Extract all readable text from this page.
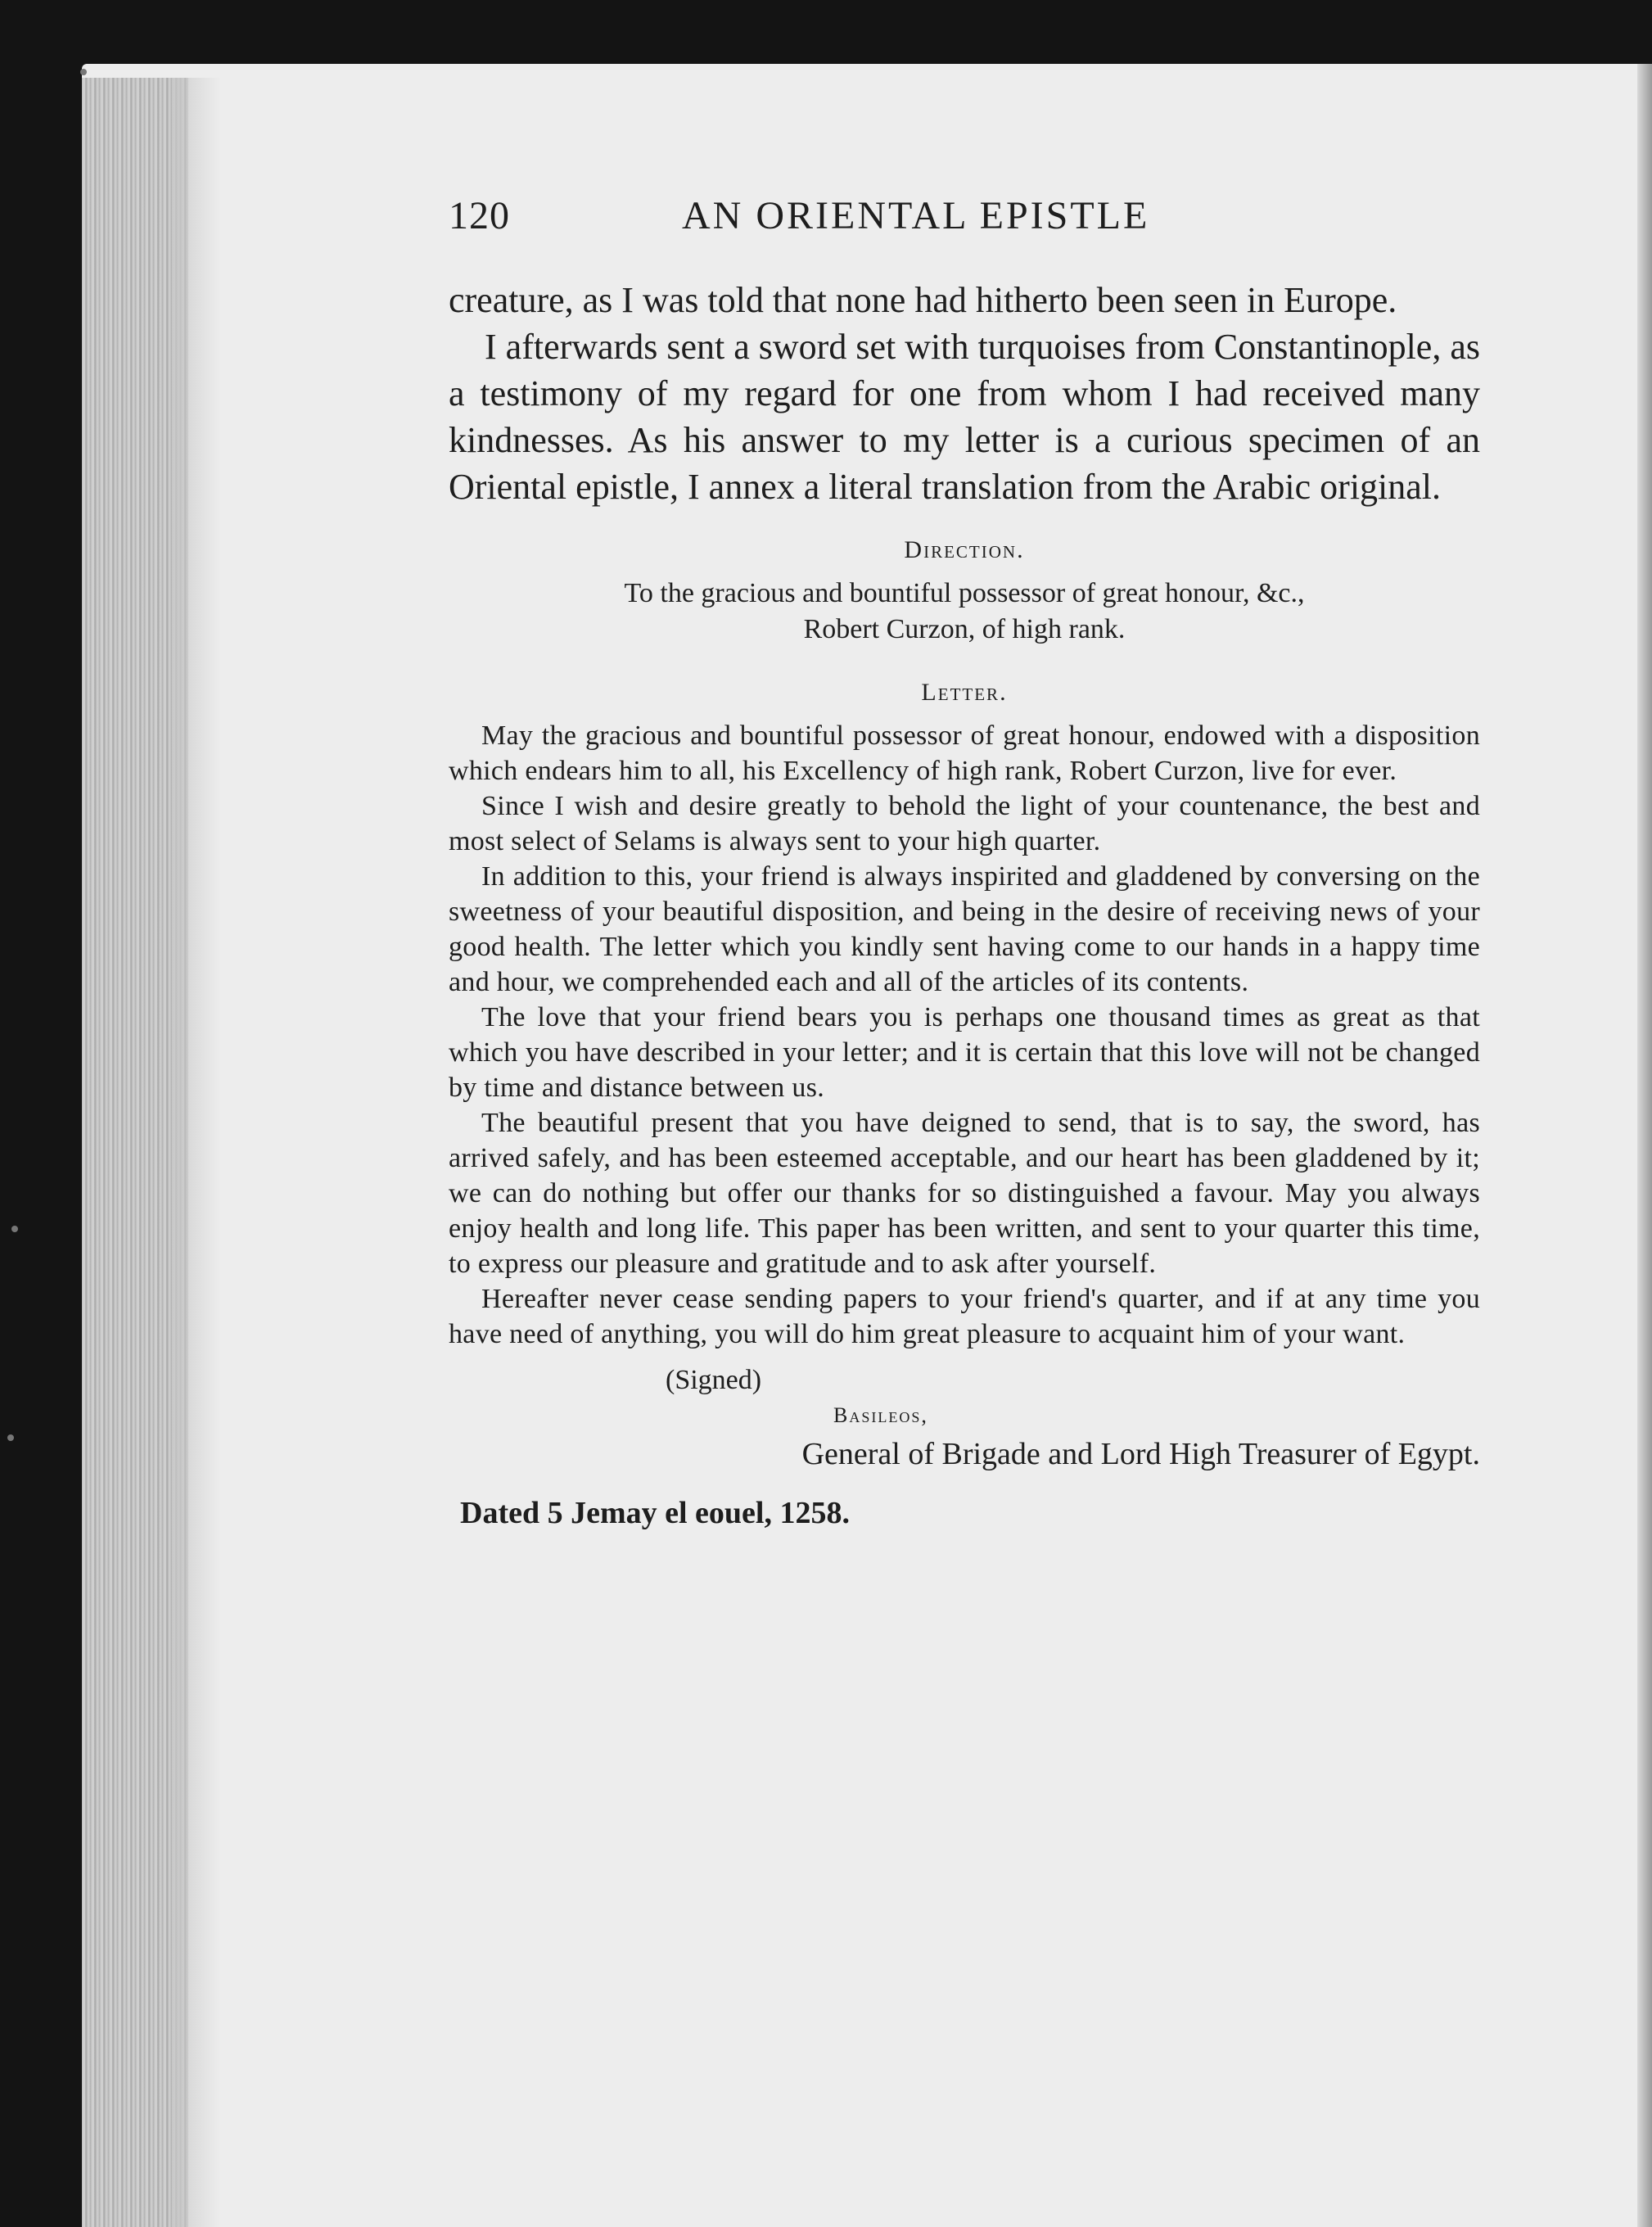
120	AN ORIENTAL EPISTLE

creature, as I was told that none had hitherto been seen in Europe.

I afterwards sent a sword set with turquoises from Constantinople, as a testimony of my regard for one from whom I had received many kindnesses. As his answer to my letter is a curious specimen of an Oriental epistle, I annex a literal translation from the Arabic original.

Direction.

To the gracious and bountiful possessor of great honour, &c.,

Robert Curzon, of high rank.

Letter.

May the gracious and bountiful possessor of great honour, endowed with a disposition which endears him to all, his Excellency of high rank, Robert Curzon, live for ever.

Since I wish and desire greatly to behold the light of your countenance, the best and most select of Selams is always sent to your high quarter.

In addition to this, your friend is always inspirited and gladdened by conversing on the sweetness of your beautiful disposition, and being in the desire of receiving news of your good health. The letter which you kindly sent having come to our hands in a happy time and hour, we comprehended each and all of the articles of its contents.

The love that your friend bears you is perhaps one thousand times as great as that which you have described in your letter; and it is certain that this love will not be changed by time and distance between us.

The beautiful present that you have deigned to send, that is to say, the sword, has arrived safely, and has been esteemed acceptable, and our heart has been gladdened by it; we can do nothing but offer our thanks for so distinguished a favour. May you always enjoy health and long life. This paper has been written, and sent to your quarter this time, to express our pleasure and gratitude and to ask after yourself.

Hereafter never cease sending papers to your friend's quarter, and if at any time you have need of anything, you will do him great pleasure to acquaint him of your want.

(Signed)
Basileos,
General of Brigade and Lord High Treasurer of Egypt.
Dated 5 Jemay el eouel, 1258.
